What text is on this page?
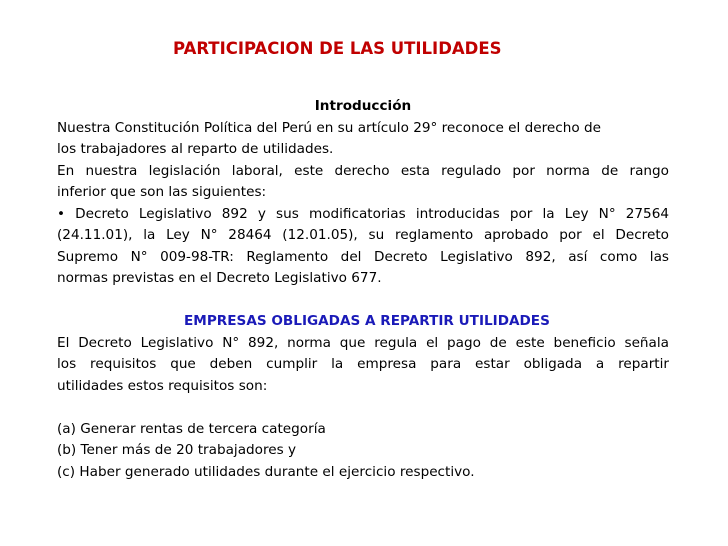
PARTICIPACION DE LAS UTILIDADES
Introducción
Nuestra Constitución Política del Perú en su artículo 29° reconoce el derecho de
los trabajadores al reparto de utilidades.
En nuestra legislación laboral, este derecho esta regulado por norma de rango
inferior que son las siguientes:
• Decreto Legislativo 892 y sus modificatorias introducidas por la Ley N° 27564
(24.11.01), la Ley N° 28464 (12.01.05), su reglamento aprobado por el Decreto
Supremo N° 009-98-TR: Reglamento del Decreto Legislativo 892, así como las
normas previstas en el Decreto Legislativo 677.
EMPRESAS OBLIGADAS A REPARTIR UTILIDADES
El Decreto Legislativo N° 892, norma que regula el pago de este beneficio señala
los requisitos que deben cumplir la empresa para estar obligada a repartir
utilidades estos requisitos son:
(a) Generar rentas de tercera categoría
(b) Tener más de 20 trabajadores y
(c) Haber generado utilidades durante el ejercicio respectivo.
